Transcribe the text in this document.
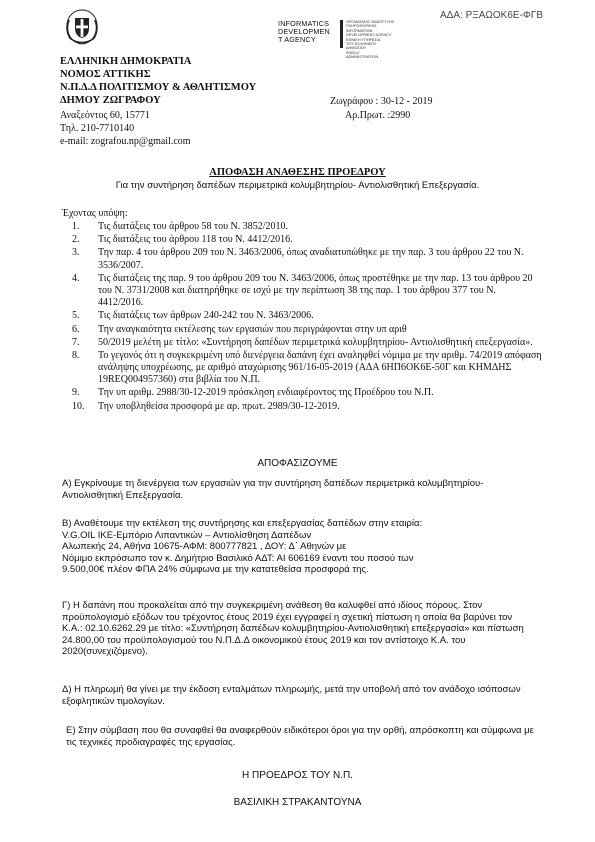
ΑΔΑ: ΡΞΑΩΟΚ6Ε-ΦΓΒ
INFORMATICS
DEVELOPMEN
T AGENCY
ΟΡΓΑΝΙΣΜΟΣ ΑΝΑΠΤΥΞΗΣ
ΠΛΗΡΟΦΟΡΙΚΗΣ
INFORMATION
DEVELOPMENT AGENCY
ΕΘΝΙΚΗ ΥΠΗΡΕΣΙΑ
ΤΟΥ ΕΛΛΗΝΙΚΟΥ
ΔΗΜΟΣΙΟΥ
PUBLIC
ADMINISTRATION
ΕΛΛΗΝΙΚΗ ΔΗΜΟΚΡΑΤΙΑ
ΝΟΜΟΣ ΑΤΤΙΚΗΣ
Ν.Π.Δ.Δ ΠΟΛΙΤΙΣΜΟΥ & ΑΘΛΗΤΙΣΜΟΥ
ΔΗΜΟΥ ΖΩΓΡΑΦΟΥ	Ζωγράφου : 30-12 - 2019
Αναξεόντος 60, 15771	Αρ.Πρωτ. :2990
Τηλ. 210-7710140
e-mail: zografou.np@gmail.com
ΑΠΟΦΑΣΗ ΑΝΑΘΕΣΗΣ ΠΡΟΕΔΡΟΥ
Για την συντήρηση δαπέδων περιμετρικά κολυμβητηρίου- Αντιολισθητική Επεξεργασία.
Έχοντας υπόψη:
1.	Τις διατάξεις του άρθρου 58 του Ν. 3852/2010.
2.	Τις διατάξεις του άρθρου 118 του Ν. 4412/2016.
3.	Την παρ. 4 του άρθρου 209 του Ν. 3463/2006, όπως αναδιατυπώθηκε με την παρ. 3 του άρθρου 22 του Ν. 3536/2007.
4.	Τις διατάξεις της παρ. 9 του άρθρου 209 του Ν. 3463/2006, όπως προστέθηκε με την παρ. 13 του άρθρου 20 του Ν. 3731/2008 και διατηρήθηκε σε ισχύ με την περίπτωση 38 της παρ. 1 του άρθρου 377 του Ν. 4412/2016.
5.	Τις διατάξεις των άρθρων 240-242 του Ν. 3463/2006.
6.	Την αναγκαιότητα εκτέλεσης των εργασιών που περιγράφονται στην υπ αριθ
7.	50/2019 μελέτη με τίτλο: «Συντήρηση δαπέδων περιμετρικά κολυμβητηρίου- Αντιολισθητική επεξεργασία».
8.	Το γεγονός ότι η συγκεκριμένη υπό διενέργεια δαπάνη έχει αναληφθεί νόμιμα με την αριθμ. 74/2019 απόφαση ανάληψης υποχρέωσης, με αριθμό αταχώρισης 961/16-05-2019 (ΑΔΑ 6ΗΠ6ΟΚ6Ε-50Γ και ΚΗΜΔΗΣ 19REQ004957360) στα βιβλία του Ν.Π.
9.	Την υπ αριθμ. 2988/30-12-2019 πρόσκληση ενδιαφέροντος της Προέδρου του Ν.Π.
10.	Την υποβληθείσα προσφορά με αρ. πρωτ. 2989/30-12-2019.
ΑΠΟΦΑΣΙΖΟΥΜΕ
Α) Εγκρίνουμε τη διενέργεια των εργασιών για την συντήρηση δαπέδων περιμετρικά κολυμβητηρίου- Αντιολισθητική Επεξεργασία.
Β) Αναθέτουμε την εκτέλεση της συντήρησης και επεξεργασίας δαπέδων στην εταιρία:
V.G.OIL IKE-Εμπόριο Λιπαντικών – Αντιολίσθηση Δαπέδων
Αλωπεκής 24, Αθήνα 10675-ΑΦΜ: 800777821 , ΔΟΥ: Δ΄ Αθηνών με
Νόμιμο εκπρόσωπο τον κ. Δημήτριο Βασιλικό ΑΔΤ: ΑΙ 606169 έναντι του ποσού των
9.500,00€ πλέον ΦΠΑ 24% σύμφωνα με την κατατεθείσα προσφορά της.
Γ) Η δαπάνη που προκαλείται από την συγκεκριμένη ανάθεση θα καλυφθεί από ιδίους πόρους. Στον προϋπολογισμό εξόδων του τρέχοντος έτους 2019 έχει εγγραφεί η σχετική πίστωση η οποία θα βαρύνει τον Κ.Α.: 02.10.6262.29 με τίτλο: «Συντήρηση δαπέδων κολυμβητηρίου-Αντιολισθητική επεξεργασία» και πίστωση 24.800,00 του προϋπολογισμού του Ν.Π.Δ.Δ οικονομικού έτους 2019 και τον αντίστοιχο Κ.Α. του 2020(συνεχιζόμενο).
Δ) Η πληρωμή θα γίνει με την έκδοση ενταλμάτων πληρωμής, μετά την υποβολή από τον ανάδοχο ισόποσων εξοφλητικών τιμολογίων.
Ε) Στην σύμβαση που θα συναφθεί θα αναφερθούν ειδικότεροι όροι για την ορθή, απρόσκοπτη και σύμφωνα με τις τεχνικές προδιαγραφές της εργασίας.
Η ΠΡΟΕΔΡΟΣ ΤΟΥ Ν.Π.
ΒΑΣΙΛΙΚΗ ΣΤΡΑΚΑΝΤΟΥΝΑ
